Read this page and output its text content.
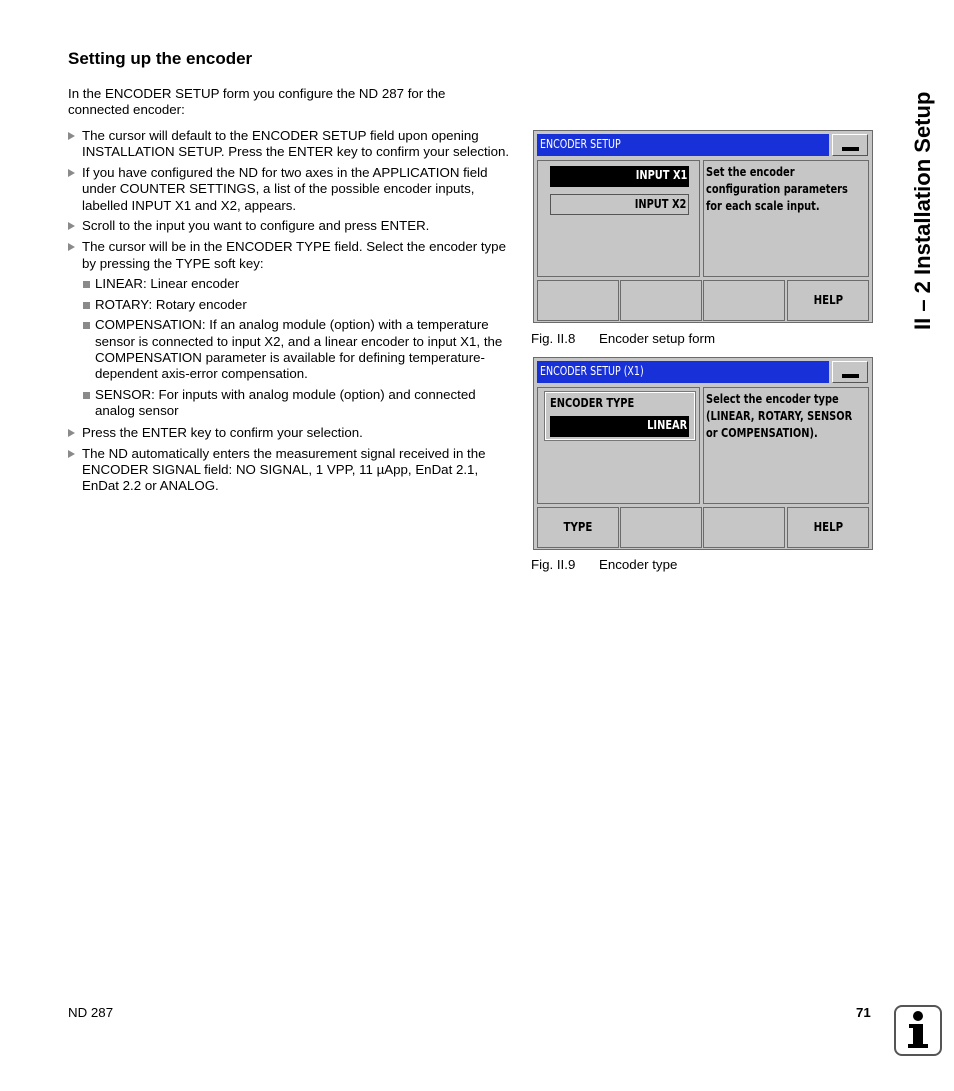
Setting up the encoder

In the ENCODER SETUP form you configure the ND 287 for the connected encoder:

The cursor will default to the ENCODER SETUP field upon opening INSTALLATION SETUP. Press the ENTER key to confirm your selection.
If you have configured the ND for two axes in the APPLICATION field under COUNTER SETTINGS, a list of the possible encoder inputs, labelled INPUT X1 and X2, appears.
Scroll to the input you want to configure and press ENTER.
The cursor will be in the ENCODER TYPE field. Select the encoder type by pressing the TYPE soft key:
LINEAR: Linear encoder
ROTARY: Rotary encoder
COMPENSATION: If an analog module (option) with a temperature sensor is connected to input X2, and a linear encoder to input X1, the COMPENSATION parameter is available for defining temperature-dependent axis-error compensation.
SENSOR: For inputs with analog module (option) and connected analog sensor
Press the ENTER key to confirm your selection.
The ND automatically enters the measurement signal received in the ENCODER SIGNAL field: NO SIGNAL, 1 VPP, 11 µApp, EnDat 2.1, EnDat 2.2 or ANALOG.
ENCODER SETUP
INPUT X1
INPUT X2
Set the encoder configuration parameters for each scale input.
HELP
Fig. II.8 Encoder setup form
ENCODER SETUP (X1)
ENCODER TYPE
LINEAR
Select the encoder type (LINEAR, ROTARY, SENSOR or COMPENSATION).
TYPE	HELP
Fig. II.9 Encoder type
II – 2 Installation Setup
ND 287	71
